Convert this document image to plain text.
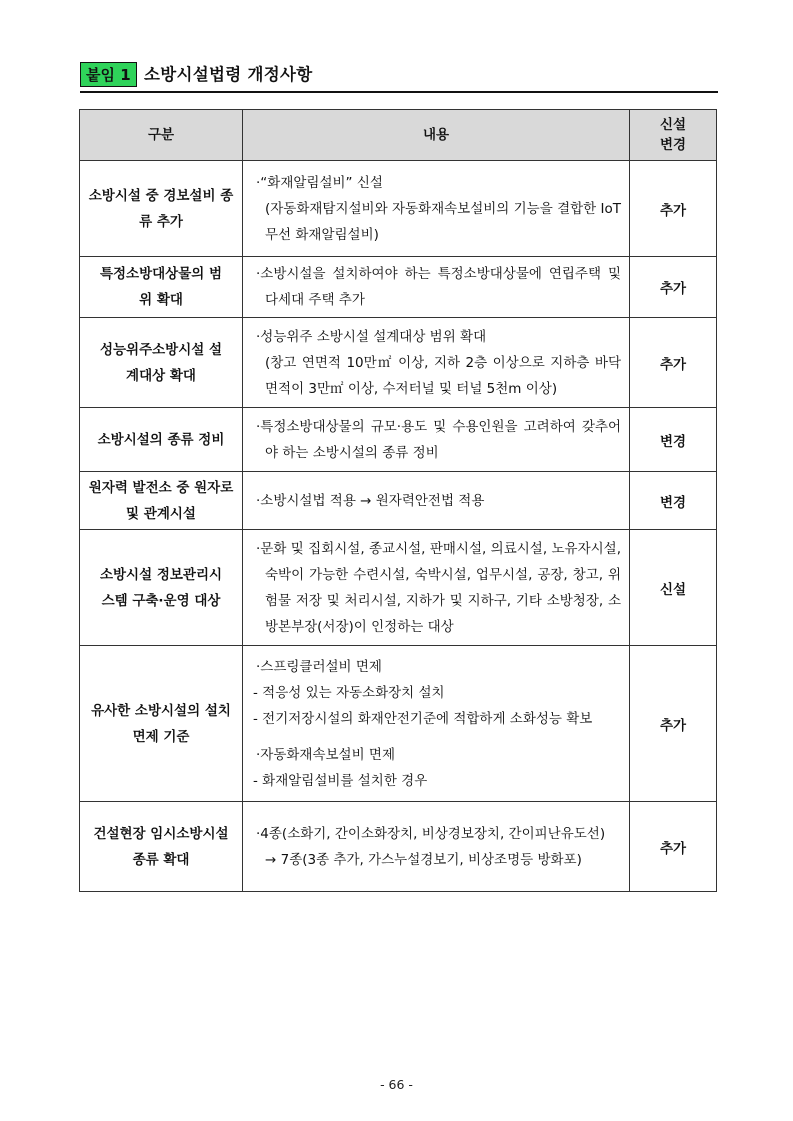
붙임 1 소방시설법령 개정사항
구분	내용	신설
변경

소방시설 중 경보설비 종류 추가	·“화재알림설비” 신설
(자동화재탐지설비와 자동화재속보설비의 기능을 결합한 IoT 무선 화재알림설비)	추가

특정소방대상물의 범위 확대	·소방시설을 설치하여야 하는 특정소방대상물에 연립주택 및 다세대 주택 추가	추가

성능위주소방시설 설계대상 확대	·성능위주 소방시설 설계대상 범위 확대
(창고 연면적 10만㎡ 이상, 지하 2층 이상으로 지하층 바닥면적이 3만㎡ 이상, 수저터널 및 터널 5천m 이상)	추가

소방시설의 종류 정비	·특정소방대상물의 규모·용도 및 수용인원을 고려하여 갖추어야 하는 소방시설의 종류 정비	변경

원자력 발전소 중 원자로 및 관계시설	·소방시설법 적용 → 원자력안전법 적용	변경

소방시설 정보관리시스템 구축·운영 대상	·문화 및 집회시설, 종교시설, 판매시설, 의료시설, 노유자시설, 숙박이 가능한 수련시설, 숙박시설, 업무시설, 공장, 창고, 위험물 저장 및 처리시설, 지하가 및 지하구, 기타 소방청장, 소방본부장(서장)이 인정하는 대상	신설

유사한 소방시설의 설치면제 기준	·스프링클러설비 면제
- 적응성 있는 자동소화장치 설치
- 전기저장시설의 화재안전기준에 적합하게 소화성능 확보
·자동화재속보설비 면제
- 화재알림설비를 설치한 경우	추가

건설현장 임시소방시설 종류 확대	·4종(소화기, 간이소화장치, 비상경보장치, 간이피난유도선)
→ 7종(3종 추가, 가스누설경보기, 비상조명등 방화포)	추가
- 66 -
